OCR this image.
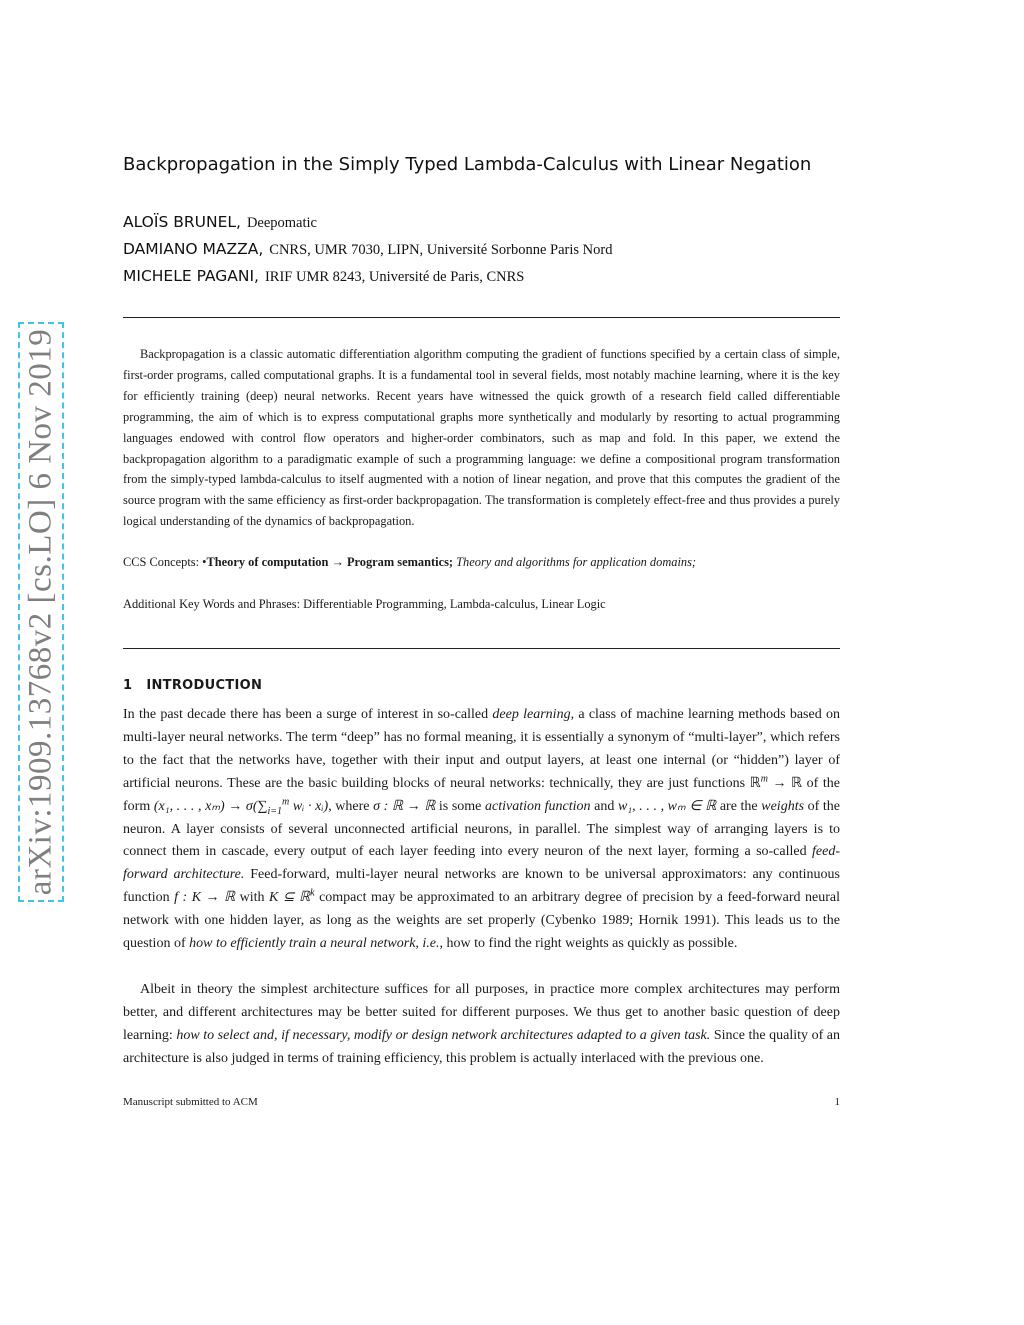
arXiv:1909.13768v2 [cs.LO] 6 Nov 2019
Backpropagation in the Simply Typed Lambda-Calculus with Linear Negation
ALOÏS BRUNEL, Deepomatic
DAMIANO MAZZA, CNRS, UMR 7030, LIPN, Université Sorbonne Paris Nord
MICHELE PAGANI, IRIF UMR 8243, Université de Paris, CNRS

Backpropagation is a classic automatic differentiation algorithm computing the gradient of functions specified by a certain class of simple, first-order programs, called computational graphs. It is a fundamental tool in several fields, most notably machine learning, where it is the key for efficiently training (deep) neural networks. Recent years have witnessed the quick growth of a research field called differentiable programming, the aim of which is to express computational graphs more synthetically and modularly by resorting to actual programming languages endowed with control flow operators and higher-order combinators, such as map and fold. In this paper, we extend the backpropagation algorithm to a paradigmatic example of such a programming language: we define a compositional program transformation from the simply-typed lambda-calculus to itself augmented with a notion of linear negation, and prove that this computes the gradient of the source program with the same efficiency as first-order backpropagation. The transformation is completely effect-free and thus provides a purely logical understanding of the dynamics of backpropagation.

CCS Concepts: •Theory of computation → Program semantics; Theory and algorithms for application domains;

Additional Key Words and Phrases: Differentiable Programming, Lambda-calculus, Linear Logic

1 INTRODUCTION

In the past decade there has been a surge of interest in so-called deep learning, a class of machine learning methods based on multi-layer neural networks. The term “deep” has no formal meaning, it is essentially a synonym of “multi-layer”, which refers to the fact that the networks have, together with their input and output layers, at least one internal (or “hidden”) layer of artificial neurons. These are the basic building blocks of neural networks: technically, they are just functions ℝ$^m$ → ℝ of the form (x₁, . . . , $x_m) \to \sigma(\sum_{i=1}^m$ wᵢ · xᵢ), where σ : ℝ → ℝ is some activation function and w₁, . . . , wₘ ∈ ℝ are the weights of the neuron. A layer consists of several unconnected artificial neurons, in parallel. The simplest way of arranging layers is to connect them in cascade, every output of each layer feeding into every neuron of the next layer, forming a so-called feed-forward architecture. Feed-forward, multi-layer neural networks are known to be universal approximators: any continuous function f : K → ℝ with K ⊆ ℝ$^k$ compact may be approximated to an arbitrary degree of precision by a feed-forward neural network with one hidden layer, as long as the weights are set properly (Cybenko 1989; Hornik 1991). This leads us to the question of how to efficiently train a neural network, i.e., how to find the right weights as quickly as possible.

Albeit in theory the simplest architecture suffices for all purposes, in practice more complex architectures may perform better, and different architectures may be better suited for different purposes. We thus get to another basic question of deep learning: how to select and, if necessary, modify or design network architectures adapted to a given task. Since the quality of an architecture is also judged in terms of training efficiency, this problem is actually interlaced with the previous one.

Manuscript submitted to ACM	1
